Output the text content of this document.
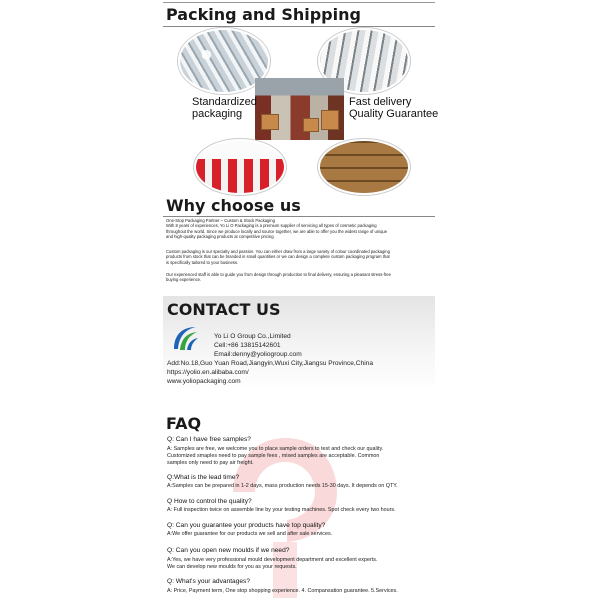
Packing and Shipping
Standardized
packaging
Fast delivery
Quality Guarantee
Why choose us

One-Stop Packaging Partner – Custom & Stock Packaging
With 8 years of experiences, Yo Li O Packaging is a premium supplier of servicing all types of cosmetic packaging
throughout the world. Since we produce locally and source together, we are able to offer you the widest range of unique
and high-quality packaging products at competitive pricing.

Custom packaging is our specialty and passion. You can either draw from a large variety of colour coordinated packaging
products from stock that can be branded in small quantities or we can design a complete custom packaging program that
is specifically tailored to your business.

Our experienced staff is able to guide you from design through production to final delivery, ensuring a pleasant stress-free
buying experience.

CONTACT US
Yo Li O Group Co.,Limited
Cell:+86 13815142601
Email:denny@yoliogroup.com
Add:No.18,Guo Yuan Road,Jiangyin,Wuxi City,Jiangsu Province,China
https://yolio.en.alibaba.com/
www.yoliopackaging.com
FAQ
Q: Can I have free samples?
A: Samples are free, we welcome you to place sample orders to test and check our quality.
Customized smaples need to pay sample fees , mixed samples are acceptable. Common
samples only need to pay air freight.
Q:What is the lead time?
A:Samples can be prepared in 1-2 days, mass production needs 15-30 days. It depends on QTY.
Q How to control the quality?
A: Full inspection twice on assemble line by your testing machines. Spot check every two hours.
Q: Can you guarantee your products have top quality?
A:We offer guarantee for our products we sell and after sale services.
Q: Can you open new moulds if we need?
A:Yes, we have very professional mould development department and excellent experts.
We can develop new moulds for you as your requests.
Q: What's your advantages?
A: Price, Payment term, One stop shopping experience. 4. Compansation guarantee. 5.Services.
